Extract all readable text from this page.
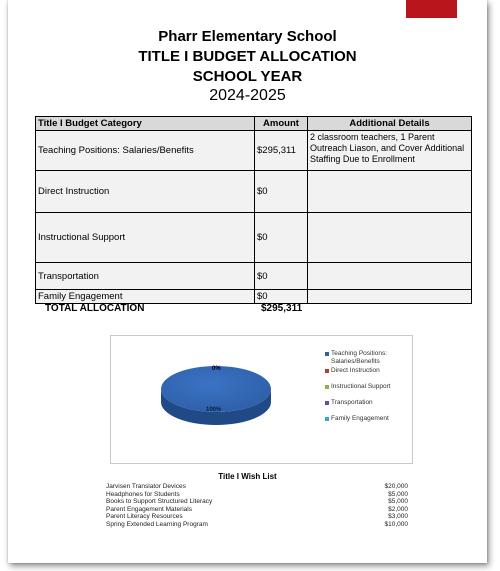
Pharr Elementary School
TITLE I BUDGET ALLOCATION
SCHOOL YEAR
2024-2025
Title I Budget Category	Amount	Additional Details
Teaching Positions: Salaries/Benefits	$295,311	2 classroom teachers, 1 Parent Outreach Liason, and Cover Additional Staffing Due to Enrollment
Direct Instruction	$0	
Instructional Support	$0	
Transportation	$0	
Family Engagement	$0	
TOTAL ALLOCATION	$295,311
0%
100%
Teaching Positions: Salaries/Benefits
Direct Instruction
Instructional Support
Transportation
Family Engagement
Title I Wish List
Jarvisen Translator Devices	$20,000
Headphones for Students	$5,000
Books to Support Structured Literacy	$5,000
Parent Engagement Materials	$2,000
Parent Literacy Resources	$3,000
Spring Extended Learning Program	$10,000
